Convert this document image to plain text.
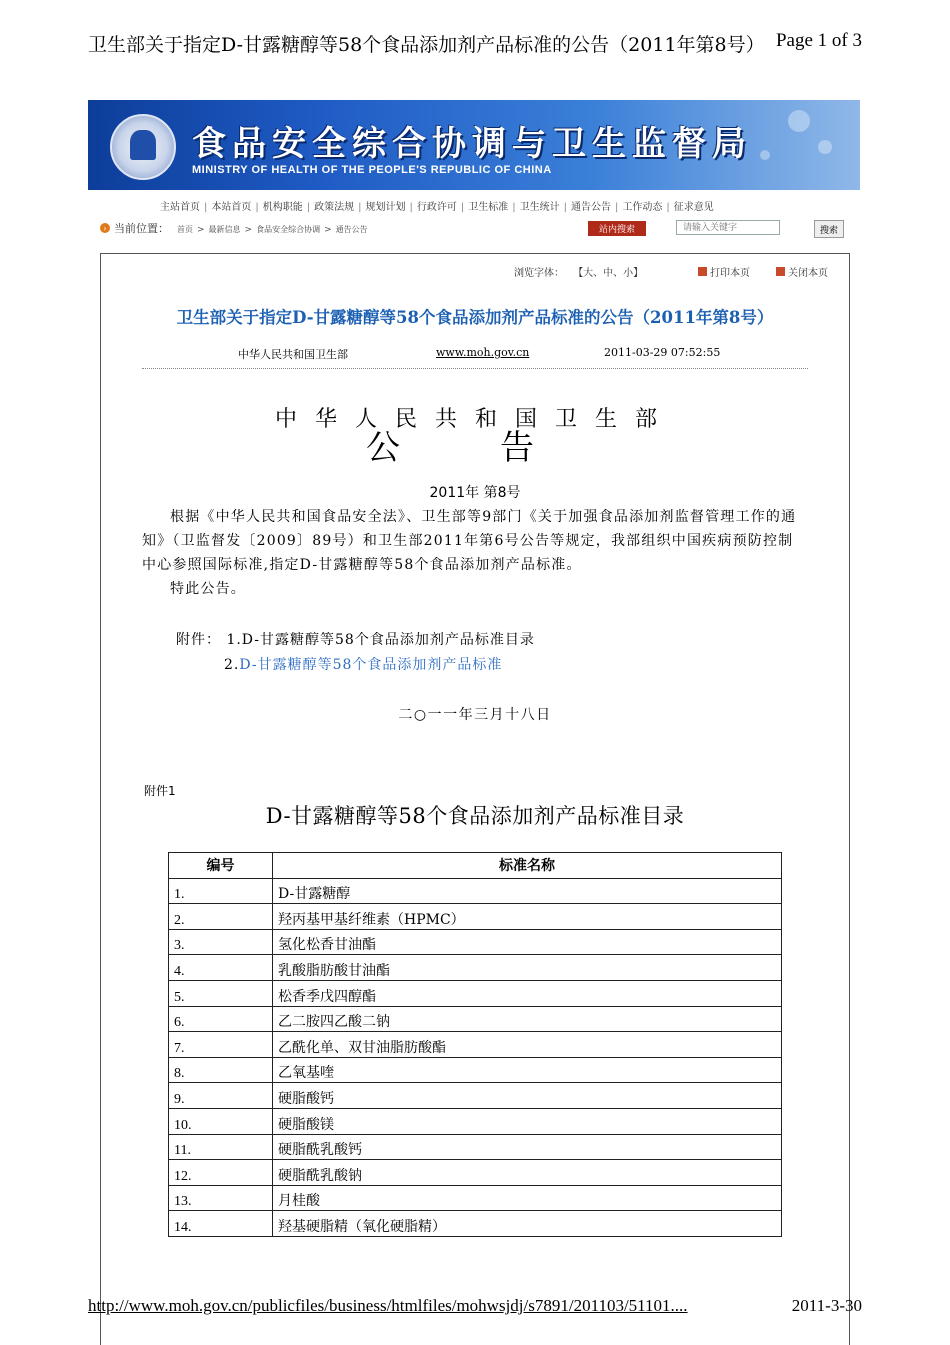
卫生部关于指定D-甘露糖醇等58个食品添加剂产品标准的公告（2011年第8号） Page 1 of 3
食品安全综合协调与卫生监督局
MINISTRY OF HEALTH OF THE PEOPLE'S REPUBLIC OF CHINA
主站首页 | 本站首页 | 机构职能 | 政策法规 | 规划计划 | 行政许可 | 卫生标准 | 卫生统计 | 通告公告 | 工作动态 | 征求意见
› 当前位置： 首页 > 最新信息 > 食品安全综合协调 > 通告公告	站内搜索
请输入关键字	搜索
浏览字体： 【大、中、小】	打印本页	关闭本页
卫生部关于指定D-甘露糖醇等58个食品添加剂产品标准的公告（2011年第8号）
中华人民共和国卫生部	www.moh.gov.cn	2011-03-29 07:52:55
中华人民共和国卫生部
公告
2011年 第8号

根据《中华人民共和国食品安全法》、卫生部等9部门《关于加强食品添加剂监督管理工作的通知》（卫监督发〔2009〕89号）和卫生部2011年第6号公告等规定，我部组织中国疾病预防控制中心参照国际标准,指定D-甘露糖醇等58个食品添加剂产品标准。

特此公告。

附件： 1.D-甘露糖醇等58个食品添加剂产品标准目录
2.D-甘露糖醇等58个食品添加剂产品标准
二○一一年三月十八日
附件1
D-甘露糖醇等58个食品添加剂产品标准目录
编号	标准名称
1.	D-甘露糖醇
2.	羟丙基甲基纤维素（HPMC）
3.	氢化松香甘油酯
4.	乳酸脂肪酸甘油酯
5.	松香季戊四醇酯
6.	乙二胺四乙酸二钠
7.	乙酰化单、双甘油脂肪酸酯
8.	乙氧基喹
9.	硬脂酸钙
10.	硬脂酸镁
11.	硬脂酰乳酸钙
12.	硬脂酰乳酸钠
13.	月桂酸
14.	羟基硬脂精（氧化硬脂精）
http://www.moh.gov.cn/publicfiles/business/htmlfiles/mohwsjdj/s7891/201103/51101....	2011-3-30
